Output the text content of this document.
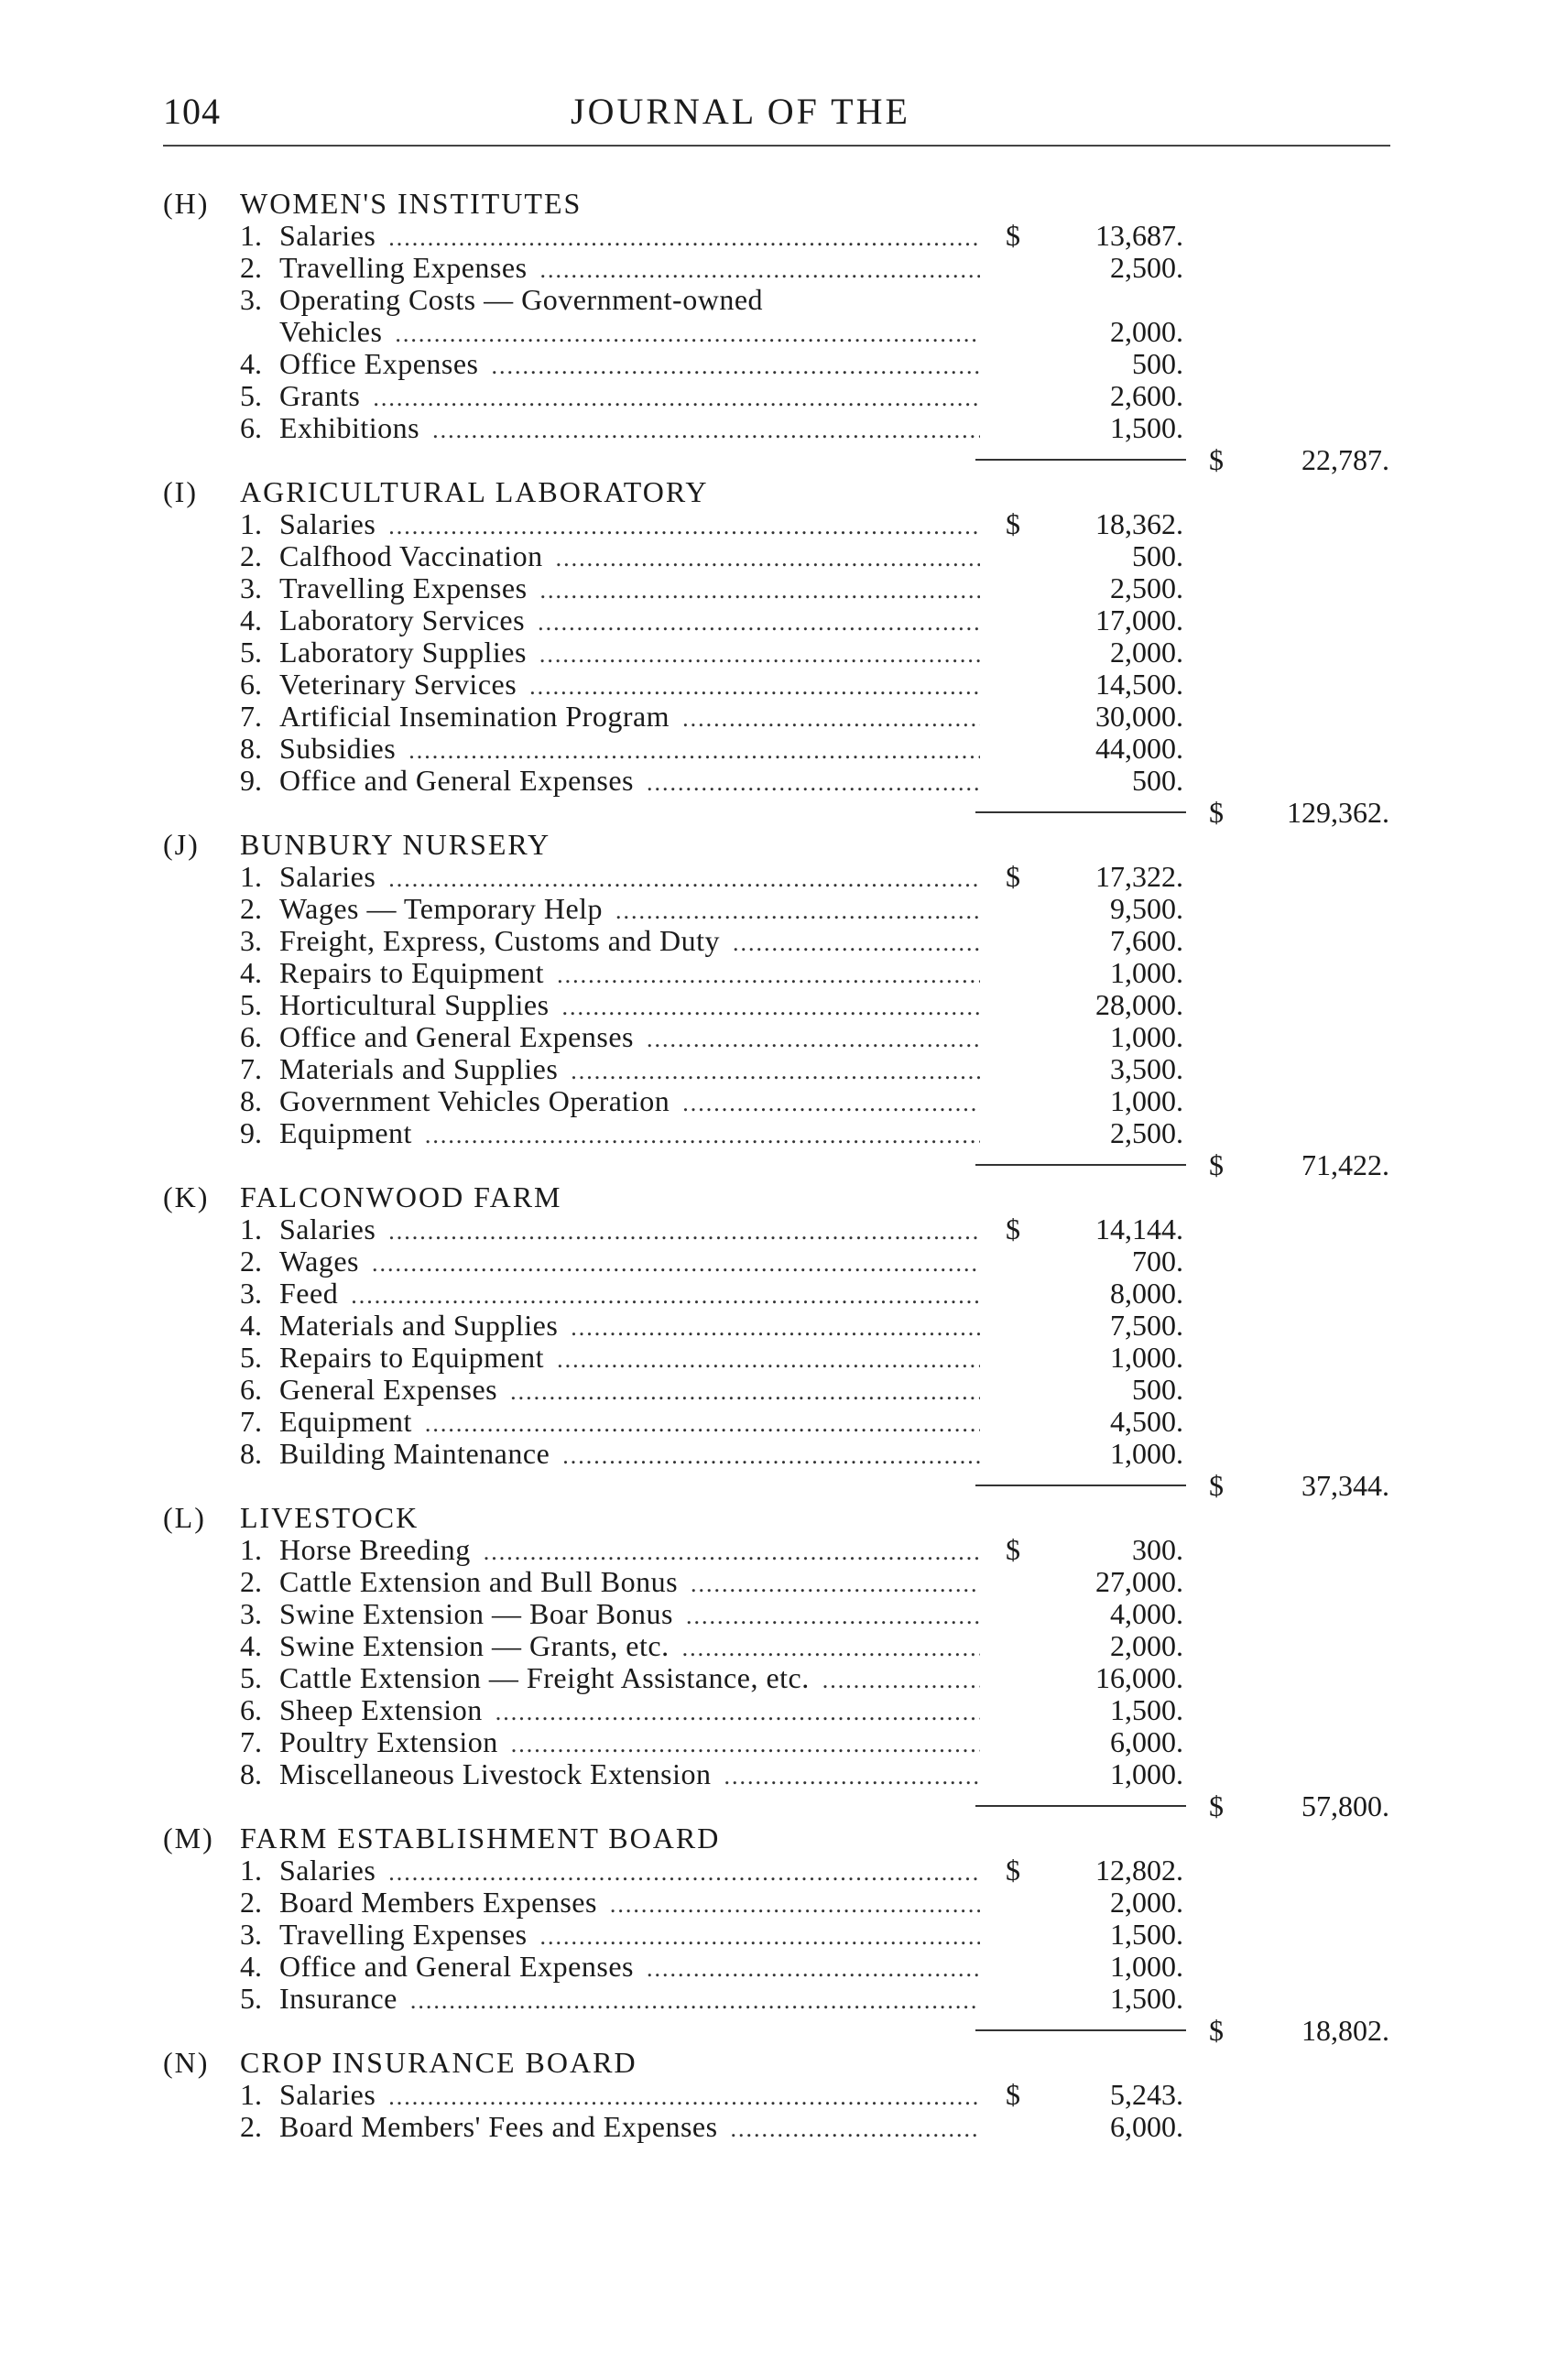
104	JOURNAL OF THE
(H) WOMEN'S INSTITUTES
1. Salaries .....	$	13,687.
2. Travelling Expenses .....	2,500.
3. Operating Costs — Government-owned
Vehicles .....	2,000.
4. Office Expenses .....	500.
5. Grants .....	2,600.
6. Exhibitions .....	1,500.
$	22,787.
(I) AGRICULTURAL LABORATORY
1. Salaries .....	$	18,362.
2. Calfhood Vaccination .....	500.
3. Travelling Expenses .....	2,500.
4. Laboratory Services .....	17,000.
5. Laboratory Supplies .....	2,000.
6. Veterinary Services .....	14,500.
7. Artificial Insemination Program .....	30,000.
8. Subsidies .....	44,000.
9. Office and General Expenses .....	500.
$ 129,362.
(J) BUNBURY NURSERY
1. Salaries .....	$	17,322.
2. Wages — Temporary Help .....	9,500.
3. Freight, Express, Customs and Duty .....	7,600.
4. Repairs to Equipment .....	1,000.
5. Horticultural Supplies .....	28,000.
6. Office and General Expenses .....	1,000.
7. Materials and Supplies .....	3,500.
8. Government Vehicles Operation .....	1,000.
9. Equipment .....	2,500.
$	71,422.
(K) FALCONWOOD FARM
1. Salaries .....	$	14,144.
2. Wages .....	700.
3. Feed .....	8,000.
4. Materials and Supplies .....	7,500.
5. Repairs to Equipment .....	1,000.
6. General Expenses .....	500.
7. Equipment .....	4,500.
8. Building Maintenance .....	1,000.
$	37,344.
(L) LIVESTOCK
1. Horse Breeding .....	$	300.
2. Cattle Extension and Bull Bonus .....	27,000.
3. Swine Extension — Boar Bonus .....	4,000.
4. Swine Extension — Grants, etc. .....	2,000.
5. Cattle Extension — Freight Assistance, etc. .....	16,000.
6. Sheep Extension .....	1,500.
7. Poultry Extension .....	6,000.
8. Miscellaneous Livestock Extension .....	1,000.
$	57,800.
(M) FARM ESTABLISHMENT BOARD
1. Salaries .....	$	12,802.
2. Board Members Expenses .....	2,000.
3. Travelling Expenses .....	1,500.
4. Office and General Expenses .....	1,000.
5. Insurance .....	1,500.
$	18,802.
(N) CROP INSURANCE BOARD
1. Salaries .....	$	5,243.
2. Board Members' Fees and Expenses .....	6,000.
